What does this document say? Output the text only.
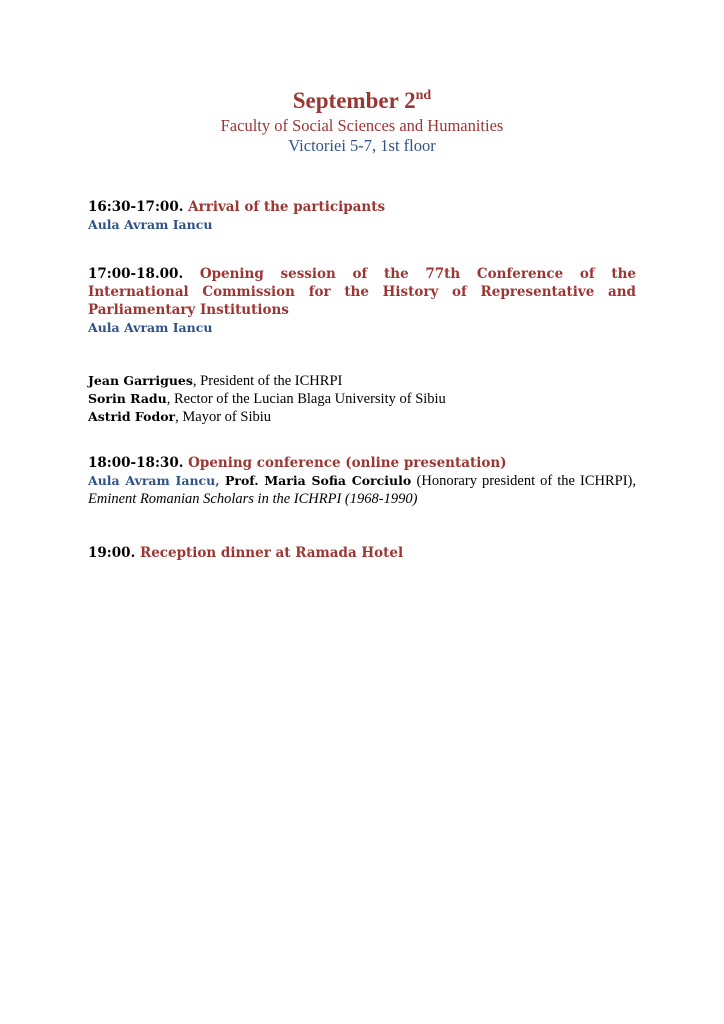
September 2nd
Faculty of Social Sciences and Humanities
Victoriei 5-7, 1st floor
16:30-17:00. Arrival of the participants
Aula Avram Iancu
17:00-18.00. Opening session of the 77th Conference of the International Commission for the History of Representative and Parliamentary Institutions
Aula Avram Iancu
Jean Garrigues, President of the ICHRPI
Sorin Radu, Rector of the Lucian Blaga University of Sibiu
Astrid Fodor, Mayor of Sibiu
18:00-18:30. Opening conference (online presentation)
Aula Avram Iancu, Prof. Maria Sofia Corciulo (Honorary president of the ICHRPI), Eminent Romanian Scholars in the ICHRPI (1968-1990)
19:00. Reception dinner at Ramada Hotel
